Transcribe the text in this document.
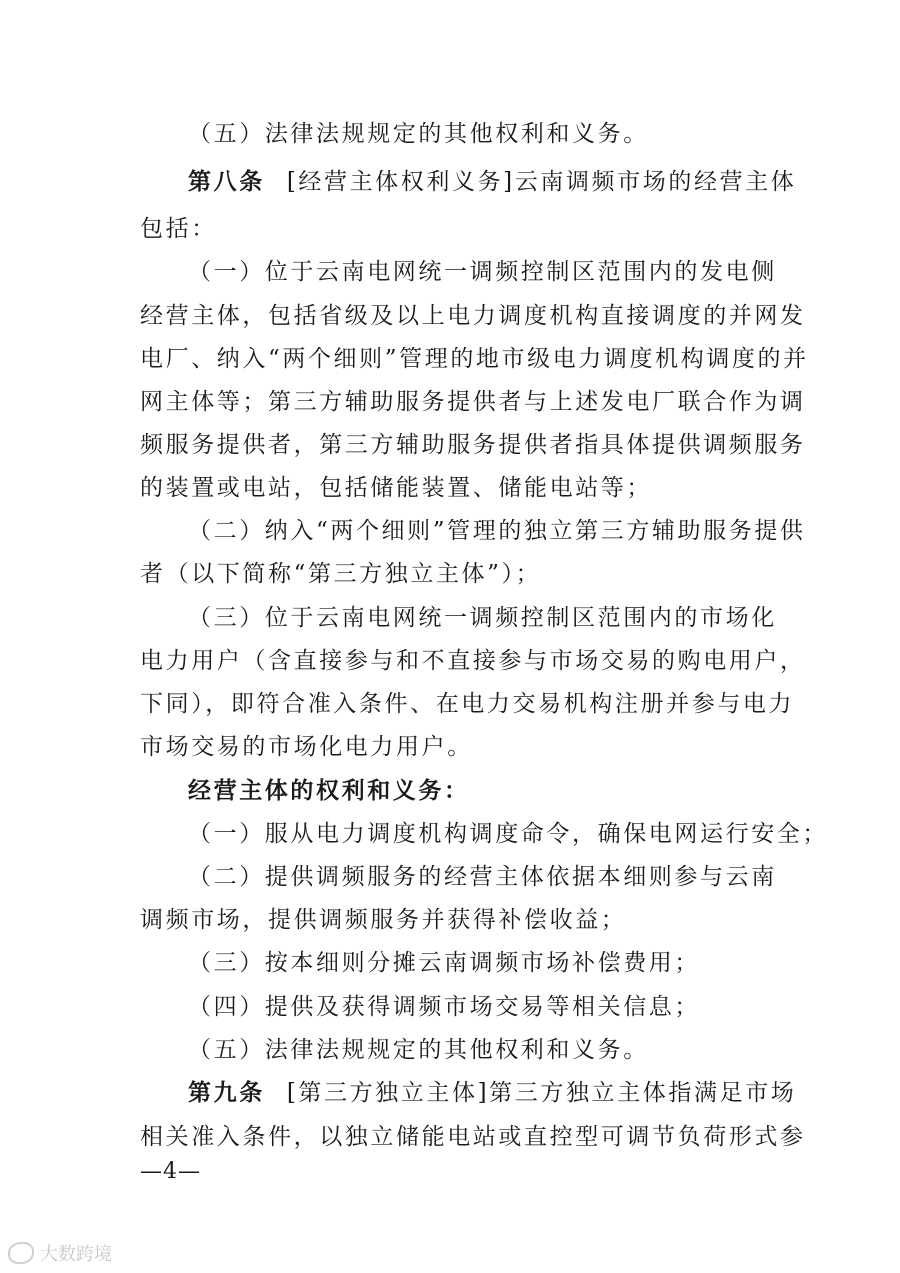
（五）法律法规规定的其他权利和义务。
第八条 [经营主体权利义务]云南调频市场的经营主体
包括：
（一）位于云南电网统一调频控制区范围内的发电侧
经营主体，包括省级及以上电力调度机构直接调度的并网发
电厂、纳入“两个细则”管理的地市级电力调度机构调度的并
网主体等；第三方辅助服务提供者与上述发电厂联合作为调
频服务提供者，第三方辅助服务提供者指具体提供调频服务
的装置或电站，包括储能装置、储能电站等；
（二）纳入“两个细则”管理的独立第三方辅助服务提供
者（以下简称“第三方独立主体”）；
（三）位于云南电网统一调频控制区范围内的市场化
电力用户（含直接参与和不直接参与市场交易的购电用户，
下同），即符合准入条件、在电力交易机构注册并参与电力
市场交易的市场化电力用户。
经营主体的权利和义务：
（一）服从电力调度机构调度命令，确保电网运行安全；
（二）提供调频服务的经营主体依据本细则参与云南
调频市场，提供调频服务并获得补偿收益；
（三）按本细则分摊云南调频市场补偿费用；
（四）提供及获得调频市场交易等相关信息；
（五）法律法规规定的其他权利和义务。
第九条 [第三方独立主体]第三方独立主体指满足市场
相关准入条件，以独立储能电站或直控型可调节负荷形式参
—4—
大数跨境
